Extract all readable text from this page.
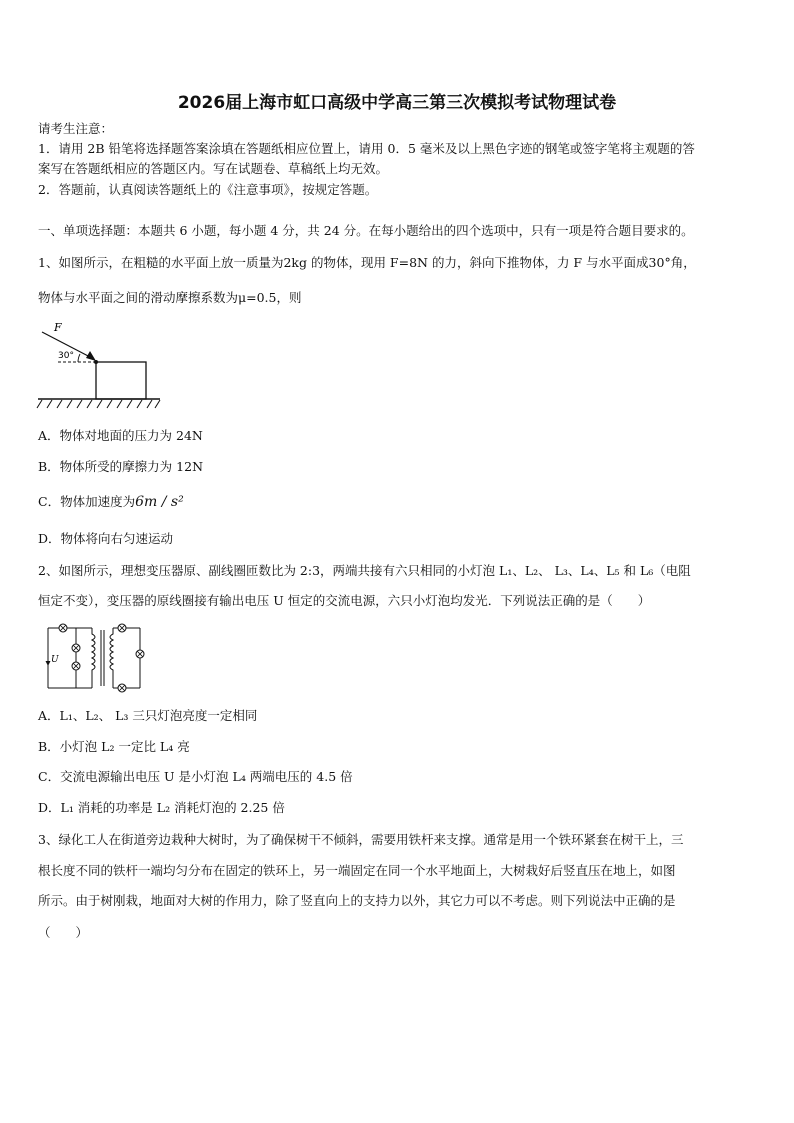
2026届上海市虹口高级中学高三第三次模拟考试物理试卷
请考生注意：
1．请用 2B 铅笔将选择题答案涂填在答题纸相应位置上，请用 0．5 毫米及以上黑色字迹的钢笔或签字笔将主观题的答
案写在答题纸相应的答题区内。写在试题卷、草稿纸上均无效。
2．答题前，认真阅读答题纸上的《注意事项》，按规定答题。
一、单项选择题：本题共 6 小题，每小题 4 分，共 24 分。在每小题给出的四个选项中，只有一项是符合题目要求的。
1、如图所示，在粗糙的水平面上放一质量为2kg 的物体，现用 F=8N 的力，斜向下推物体，力 F 与水平面成30°角，
物体与水平面之间的滑动摩擦系数为μ=0.5，则
F
30°
A．物体对地面的压力为 24N
B．物体所受的摩擦力为 12N
C．物体加速度为6m / s²
D．物体将向右匀速运动
2、如图所示，理想变压器原、副线圈匝数比为 2:3，两端共接有六只相同的小灯泡 L₁、L₂、 L₃、L₄、L₅ 和 L₆（电阻
恒定不变），变压器的原线圈接有输出电压 U 恒定的交流电源，六只小灯泡均发光．下列说法正确的是（　　）
U
A．L₁、L₂、 L₃ 三只灯泡亮度一定相同
B．小灯泡 L₂ 一定比 L₄ 亮
C．交流电源输出电压 U 是小灯泡 L₄ 两端电压的 4.5 倍
D．L₁ 消耗的功率是 L₂ 消耗灯泡的 2.25 倍
3、绿化工人在街道旁边栽种大树时，为了确保树干不倾斜，需要用铁杆来支撑。通常是用一个铁环紧套在树干上，三
根长度不同的铁杆一端均匀分布在固定的铁环上，另一端固定在同一个水平地面上，大树栽好后竖直压在地上，如图
所示。由于树刚栽，地面对大树的作用力，除了竖直向上的支持力以外，其它力可以不考虑。则下列说法中正确的是
（　　）
